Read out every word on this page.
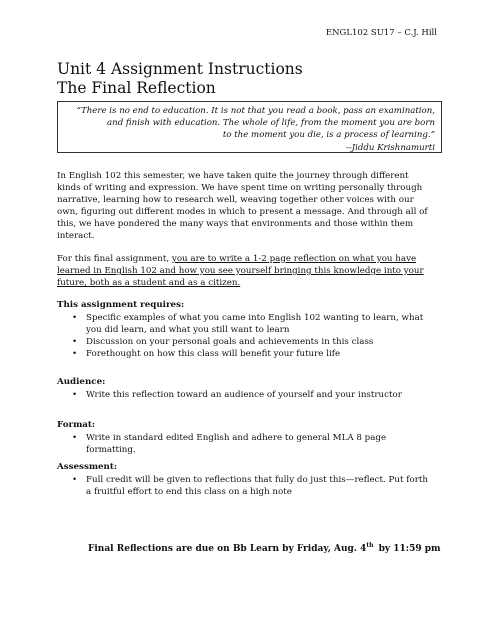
ENGL102 SU17 – C.J. Hill
Unit 4 Assignment Instructions
The Final Reflection
“There is no end to education. It is not that you read a book, pass an examination,
and finish with education. The whole of life, from the moment you are born
to the moment you die, is a process of learning.”
--Jiddu Krishnamurti
In English 102 this semester, we have taken quite the journey through different
kinds of writing and expression. We have spent time on writing personally through
narrative, learning how to research well, weaving together other voices with our
own, figuring out different modes in which to present a message. And through all of
this, we have pondered the many ways that environments and those within them
interact.
For this final assignment, you are to write a 1-2 page reflection on what you have
learned in English 102 and how you see yourself bringing this knowledge into your
future, both as a student and as a citizen.
This assignment requires:
• Specific examples of what you came into English 102 wanting to learn, what
you did learn, and what you still want to learn
• Discussion on your personal goals and achievements in this class
• Forethought on how this class will benefit your future life
Audience:
• Write this reflection toward an audience of yourself and your instructor
Format:
• Write in standard edited English and adhere to general MLA 8 page
formatting.
Assessment:
• Full credit will be given to reflections that fully do just this—reflect. Put forth
a fruitful effort to end this class on a high note
Final Reflections are due on Bb Learn by Friday, Aug. 4th by 11:59 pm
